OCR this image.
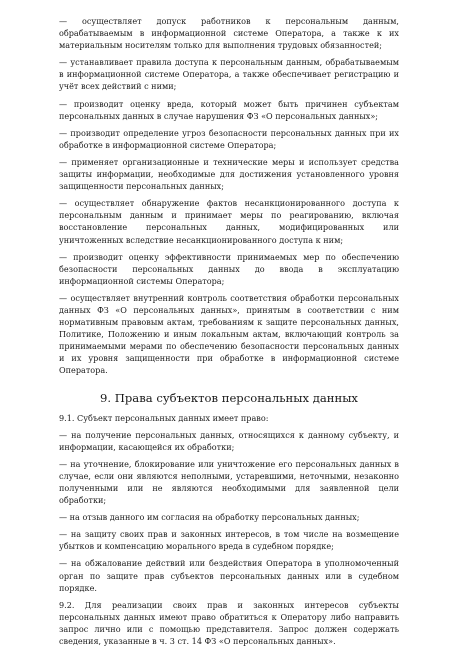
— осуществляет допуск работников к персональным данным, обрабатываемым в информационной системе Оператора, а также к их материальным носителям только для выполнения трудовых обязанностей;

— устанавливает правила доступа к персональным данным, обрабатываемым в информационной системе Оператора, а также обеспечивает регистрацию и учёт всех действий с ними;

— производит оценку вреда, который может быть причинен субъектам персональных данных в случае нарушения ФЗ «О персональных данных»;

— производит определение угроз безопасности персональных данных при их обработке в информационной системе Оператора;

— применяет организационные и технические меры и использует средства защиты информации, необходимые для достижения установленного уровня защищенности персональных данных;

— осуществляет обнаружение фактов несанкционированного доступа к персональным данным и принимает меры по реагированию, включая восстановление персональных данных, модифицированных или уничтоженных вследствие несанкционированного доступа к ним;

— производит оценку эффективности принимаемых мер по обеспечению безопасности персональных данных до ввода в эксплуатацию информационной системы Оператора;

— осуществляет внутренний контроль соответствия обработки персональных данных ФЗ «О персональных данных», принятым в соответствии с ним нормативным правовым актам, требованиям к защите персональных данных, Политике, Положению и иным локальным актам, включающий контроль за принимаемыми мерами по обеспечению безопасности персональных данных и их уровня защищенности при обработке в информационной системе Оператора.

9. Права субъектов персональных данных

9.1. Субъект персональных данных имеет право:

— на получение персональных данных, относящихся к данному субъекту, и информации, касающейся их обработки;

— на уточнение, блокирование или уничтожение его персональных данных в случае, если они являются неполными, устаревшими, неточными, незаконно полученными или не являются необходимыми для заявленной цели обработки;

— на отзыв данного им согласия на обработку персональных данных;

— на защиту своих прав и законных интересов, в том числе на возмещение убытков и компенсацию морального вреда в судебном порядке;

— на обжалование действий или бездействия Оператора в уполномоченный орган по защите прав субъектов персональных данных или в судебном порядке.

9.2. Для реализации своих прав и законных интересов субъекты персональных данных имеют право обратиться к Оператору либо направить запрос лично или с помощью представителя. Запрос должен содержать сведения, указанные в ч. 3 ст. 14 ФЗ «О персональных данных».
